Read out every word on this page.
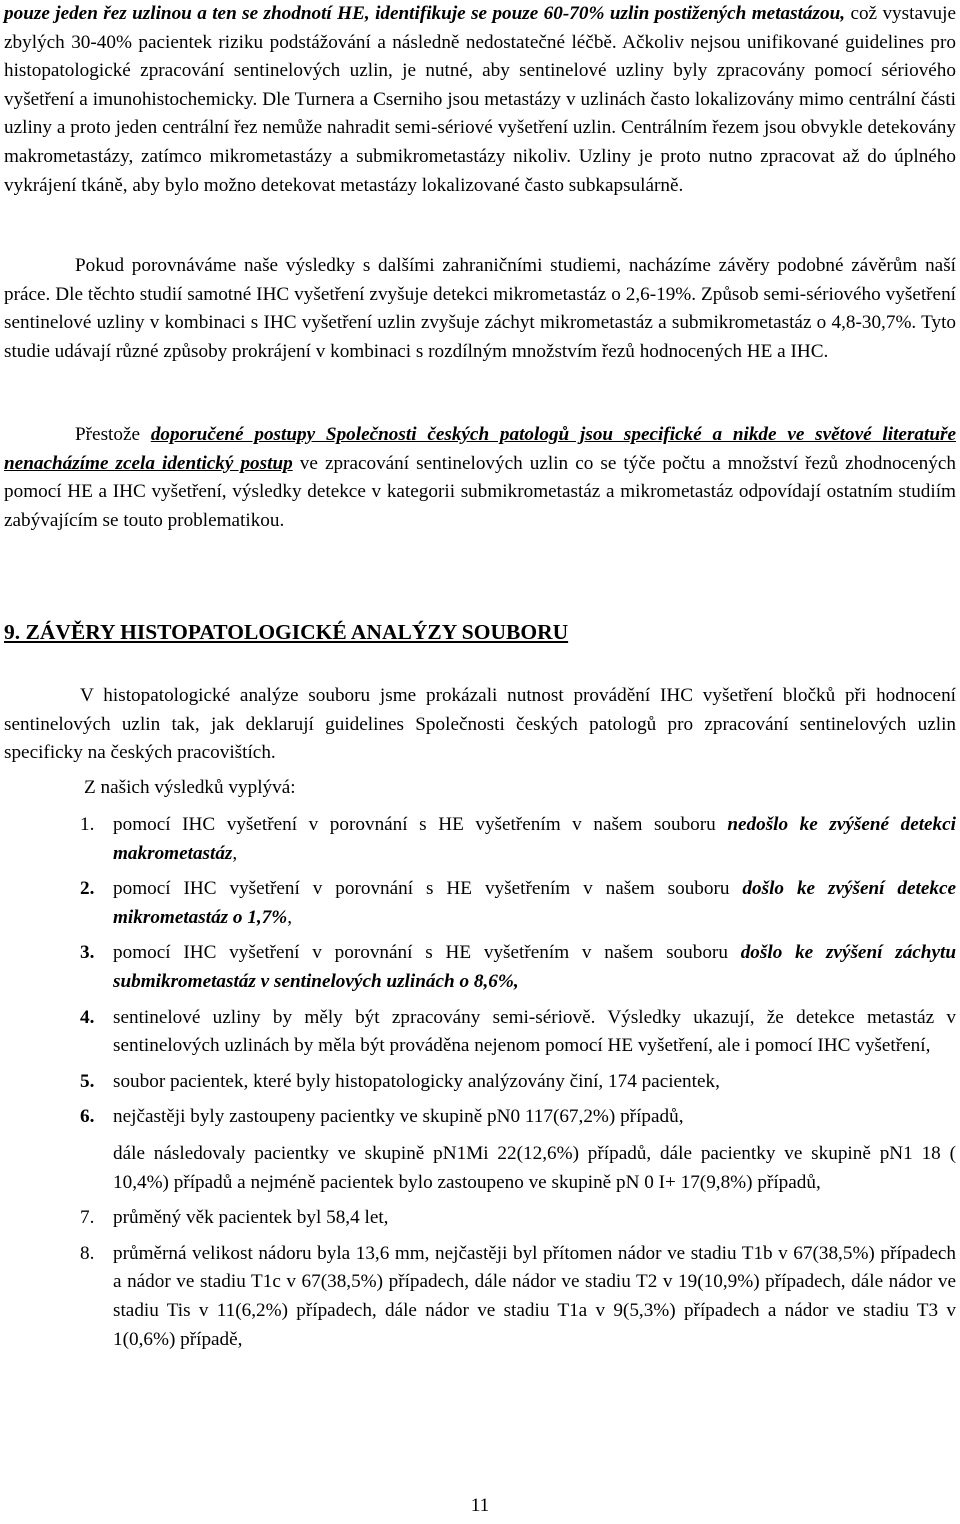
pouze jeden řez uzlinou a ten se zhodnotí HE, identifikuje se pouze 60-70% uzlin postižených metastázou, což vystavuje zbylých 30-40% pacientek riziku podstážování a následně nedostatečné léčbě. Ačkoliv nejsou unifikované guidelines pro histopatologické zpracování sentinelových uzlin, je nutné, aby sentinelové uzliny byly zpracovány pomocí sériového vyšetření a imunohistochemicky. Dle Turnera a Cserniho jsou metastázy v uzlinách často lokalizovány mimo centrální části uzliny a proto jeden centrální řez nemůže nahradit semi-sériové vyšetření uzlin. Centrálním řezem jsou obvykle detekovány makrometastázy, zatímco mikrometastázy a submikrometastázy nikoliv. Uzliny je proto nutno zpracovat až do úplného vykrájení tkáně, aby bylo možno detekovat metastázy lokalizované často subkapsulárně.

Pokud porovnáváme naše výsledky s dalšími zahraničními studiemi, nacházíme závěry podobné závěrům naší práce. Dle těchto studií samotné IHC vyšetření zvyšuje detekci mikrometastáz o 2,6-19%. Způsob semi-sériového vyšetření sentinelové uzliny v kombinaci s IHC vyšetření uzlin zvyšuje záchyt mikrometastáz a submikrometastáz o 4,8-30,7%. Tyto studie udávají různé způsoby prokrájení v kombinaci s rozdílným množstvím řezů hodnocených HE a IHC.

Přestože doporučené postupy Společnosti českých patologů jsou specifické a nikde ve světové literatuře nenacházíme zcela identický postup ve zpracování sentinelových uzlin co se týče počtu a množství řezů zhodnocených pomocí HE a IHC vyšetření, výsledky detekce v kategorii submikrometastáz a mikrometastáz odpovídají ostatním studiím zabývajícím se touto problematikou.

9. ZÁVĚRY HISTOPATOLOGICKÉ ANALÝZY SOUBORU

V histopatologické analýze souboru jsme prokázali nutnost provádění IHC vyšetření bločků při hodnocení sentinelových uzlin tak, jak deklarují guidelines Společnosti českých patologů pro zpracování sentinelových uzlin specificky na českých pracovištích.

Z našich výsledků vyplývá:

1. pomocí IHC vyšetření v porovnání s HE vyšetřením v našem souboru nedošlo ke zvýšené detekci makrometastáz,
2. pomocí IHC vyšetření v porovnání s HE vyšetřením v našem souboru došlo ke zvýšení detekce mikrometastáz o 1,7%,
3. pomocí IHC vyšetření v porovnání s HE vyšetřením v našem souboru došlo ke zvýšení záchytu submikrometastáz v sentinelových uzlinách o 8,6%,
4. sentinelové uzliny by měly být zpracovány semi-sériově. Výsledky ukazují, že detekce metastáz v sentinelových uzlinách by měla být prováděna nejenom pomocí HE vyšetření, ale i pomocí IHC vyšetření,
5. soubor pacientek, které byly histopatologicky analýzovány činí, 174 pacientek,
6. nejčastěji byly zastoupeny pacientky ve skupině pN0 117(67,2%) případů,
dále následovaly pacientky ve skupině pN1Mi 22(12,6%) případů, dále pacientky ve skupině pN1 18 ( 10,4%) případů a nejméně pacientek bylo zastoupeno ve skupině pN 0 I+ 17(9,8%) případů,
7. průměný věk pacientek byl 58,4 let,
8. průměrná velikost nádoru byla 13,6 mm, nejčastěji byl přítomen nádor ve stadiu T1b v 67(38,5%) případech a nádor ve stadiu T1c v 67(38,5%) případech, dále nádor ve stadiu T2 v 19(10,9%) případech, dále nádor ve stadiu Tis v 11(6,2%) případech, dále nádor ve stadiu T1a v 9(5,3%) případech a nádor ve stadiu T3 v 1(0,6%) případě,
11
